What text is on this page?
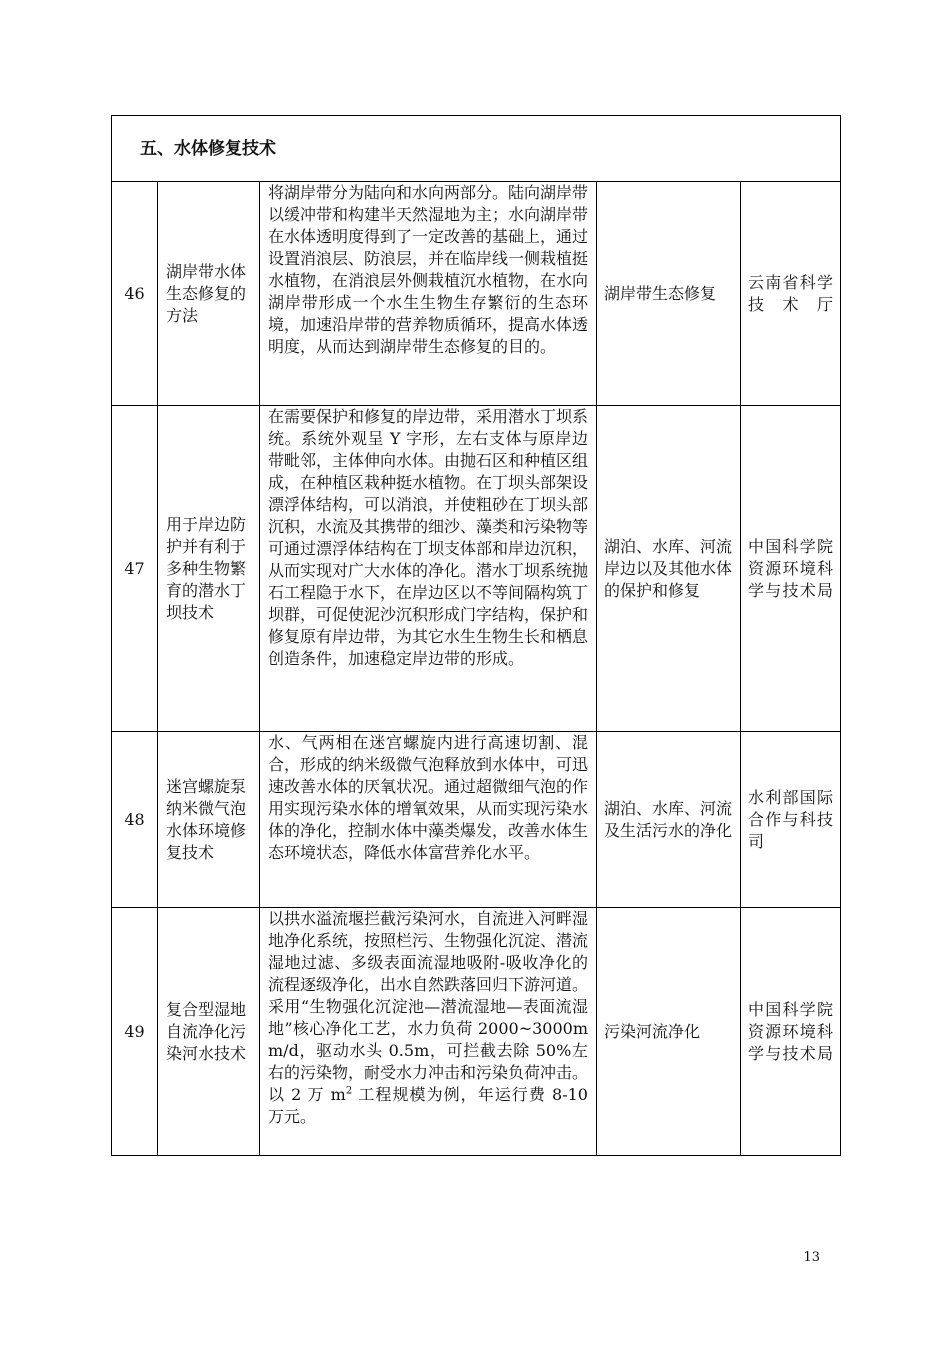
五、水体修复技术				
46	湖岸带水体生态修复的方法	将湖岸带分为陆向和水向两部分。陆向湖岸带以缓冲带和构建半天然湿地为主；水向湖岸带在水体透明度得到了一定改善的基础上，通过设置消浪层、防浪层，并在临岸线一侧栽植挺水植物，在消浪层外侧栽植沉水植物，在水向湖岸带形成一个水生生物生存繁衍的生态环境，加速沿岸带的营养物质循环，提高水体透明度，从而达到湖岸带生态修复的目的。	湖岸带生态修复	云南省科学技术厅
47	用于岸边防护并有利于多种生物繁育的潜水丁坝技术	在需要保护和修复的岸边带，采用潜水丁坝系统。系统外观呈 Y 字形，左右支体与原岸边带毗邻，主体伸向水体。由抛石区和种植区组成，在种植区栽种挺水植物。在丁坝头部架设漂浮体结构，可以消浪，并使粗砂在丁坝头部沉积，水流及其携带的细沙、藻类和污染物等可通过漂浮体结构在丁坝支体部和岸边沉积，从而实现对广大水体的净化。潜水丁坝系统抛石工程隐于水下，在岸边区以不等间隔构筑丁坝群，可促使泥沙沉积形成门字结构，保护和修复原有岸边带，为其它水生生物生长和栖息创造条件，加速稳定岸边带的形成。	湖泊、水库、河流岸边以及其他水体的保护和修复	中国科学院资源环境科学与技术局
48	迷宫螺旋泵纳米微气泡水体环境修复技术	水、气两相在迷宫螺旋内进行高速切割、混合，形成的纳米级微气泡释放到水体中，可迅速改善水体的厌氧状况。通过超微细气泡的作用实现污染水体的增氧效果，从而实现污染水体的净化，控制水体中藻类爆发，改善水体生态环境状态，降低水体富营养化水平。	湖泊、水库、河流及生活污水的净化	水利部国际合作与科技司
49	复合型湿地自流净化污染河水技术	以拱水溢流堰拦截污染河水，自流进入河畔湿地净化系统，按照栏污、生物强化沉淀、潜流湿地过滤、多级表面流湿地吸附-吸收净化的流程逐级净化，出水自然跌落回归下游河道。采用“生物强化沉淀池—潜流湿地—表面流湿地”核心净化工艺，水力负荷 2000~3000mm/d，驱动水头 0.5m，可拦截去除 50%左右的污染物，耐受水力冲击和污染负荷冲击。以 2 万 $m^2$ 工程规模为例，年运行费 8-10 万元。	污染河流净化	中国科学院资源环境科学与技术局
13
